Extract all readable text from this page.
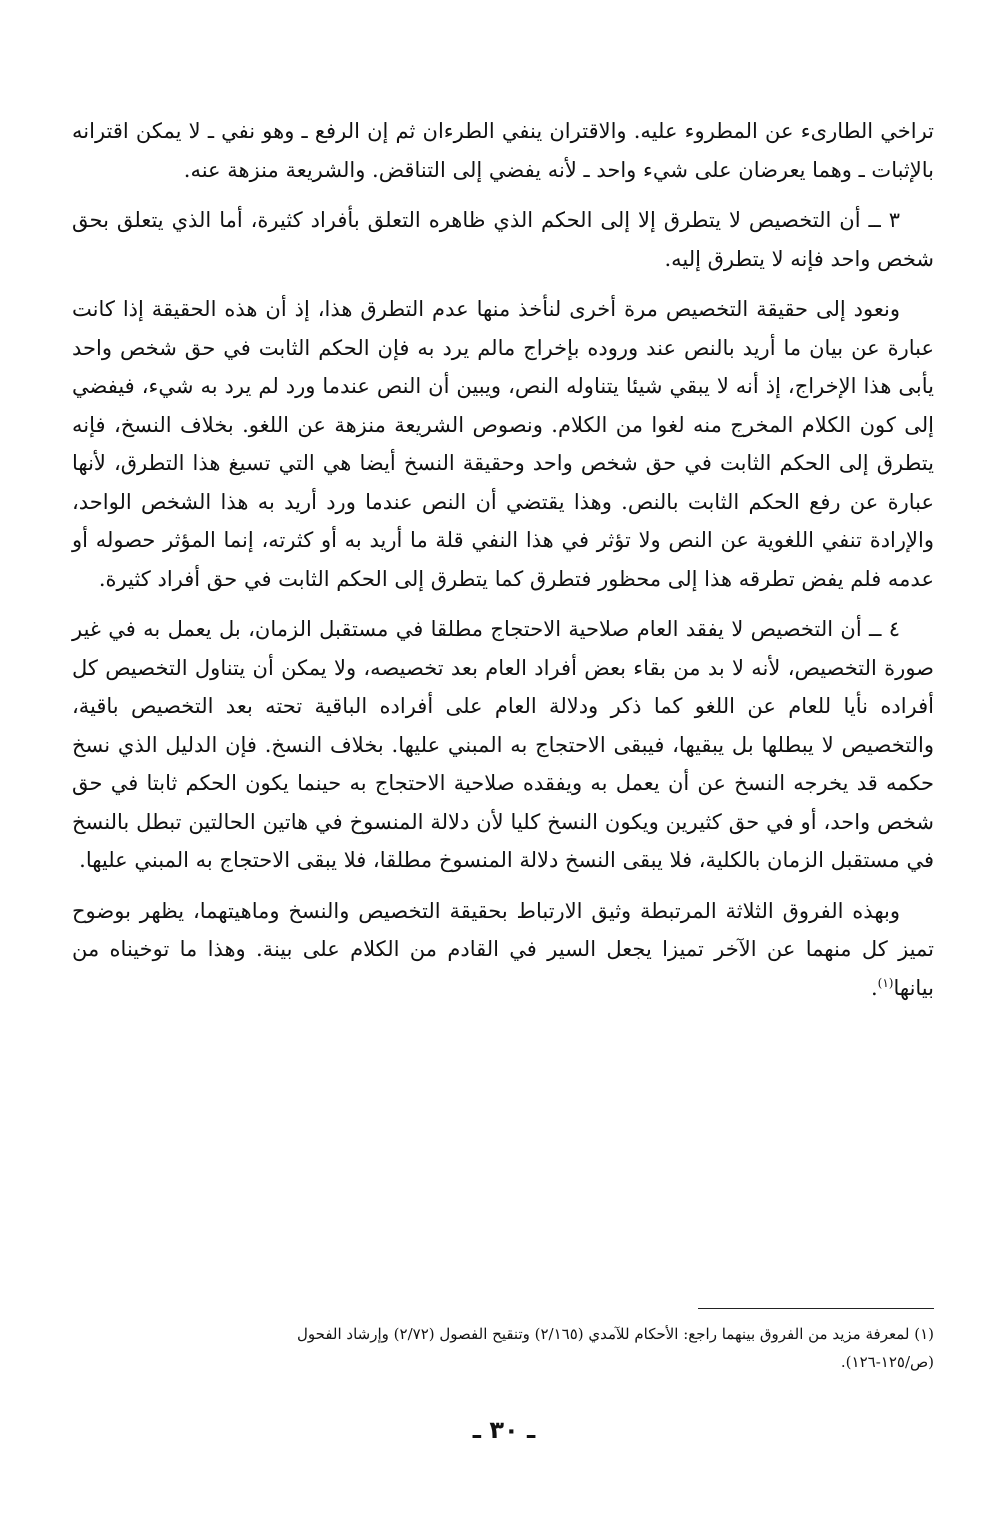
تراخي الطارىء عن المطروء عليه. والاقتران ينفي الطرءان ثم إن الرفع ـ وهو نفي ـ لا يمكن اقترانه بالإثبات ـ وهما يعرضان على شيء واحد ـ لأنه يفضي إلى التناقض. والشريعة منزهة عنه.

٣ ــ أن التخصيص لا يتطرق إلا إلى الحكم الذي ظاهره التعلق بأفراد كثيرة، أما الذي يتعلق بحق شخص واحد فإنه لا يتطرق إليه.

ونعود إلى حقيقة التخصيص مرة أخرى لنأخذ منها عدم التطرق هذا، إذ أن هذه الحقيقة إذا كانت عبارة عن بيان ما أريد بالنص عند وروده بإخراج مالم يرد به فإن الحكم الثابت في حق شخص واحد يأبى هذا الإخراج، إذ أنه لا يبقي شيئا يتناوله النص، ويبين أن النص عندما ورد لم يرد به شيء، فيفضي إلى كون الكلام المخرج منه لغوا من الكلام. ونصوص الشريعة منزهة عن اللغو. بخلاف النسخ، فإنه يتطرق إلى الحكم الثابت في حق شخص واحد وحقيقة النسخ أيضا هي التي تسيغ هذا التطرق، لأنها عبارة عن رفع الحكم الثابت بالنص. وهذا يقتضي أن النص عندما ورد أريد به هذا الشخص الواحد، والإرادة تنفي اللغوية عن النص ولا تؤثر في هذا النفي قلة ما أريد به أو كثرته، إنما المؤثر حصوله أو عدمه فلم يفض تطرقه هذا إلى محظور فتطرق كما يتطرق إلى الحكم الثابت في حق أفراد كثيرة.

٤ ــ أن التخصيص لا يفقد العام صلاحية الاحتجاج مطلقا في مستقبل الزمان، بل يعمل به في غير صورة التخصيص، لأنه لا بد من بقاء بعض أفراد العام بعد تخصيصه، ولا يمكن أن يتناول التخصيص كل أفراده نأيا للعام عن اللغو كما ذكر ودلالة العام على أفراده الباقية تحته بعد التخصيص باقية، والتخصيص لا يبطلها بل يبقيها، فيبقى الاحتجاج به المبني عليها. بخلاف النسخ. فإن الدليل الذي نسخ حكمه قد يخرجه النسخ عن أن يعمل به ويفقده صلاحية الاحتجاج به حينما يكون الحكم ثابتا في حق شخص واحد، أو في حق كثيرين ويكون النسخ كليا لأن دلالة المنسوخ في هاتين الحالتين تبطل بالنسخ في مستقبل الزمان بالكلية، فلا يبقى النسخ دلالة المنسوخ مطلقا، فلا يبقى الاحتجاج به المبني عليها.

وبهذه الفروق الثلاثة المرتبطة وثيق الارتباط بحقيقة التخصيص والنسخ وماهيتهما، يظهر بوضوح تميز كل منهما عن الآخر تميزا يجعل السير في القادم من الكلام على بينة. وهذا ما توخيناه من بيانها$^{(١)}$.

(١) لمعرفة مزيد من الفروق بينهما راجع: الأحكام للآمدي (٢/١٦٥) وتنقيح الفصول (٢/٧٢) وإرشاد الفحول

(ص/١٢٥-١٢٦).

ـ ٣٠ ـ
